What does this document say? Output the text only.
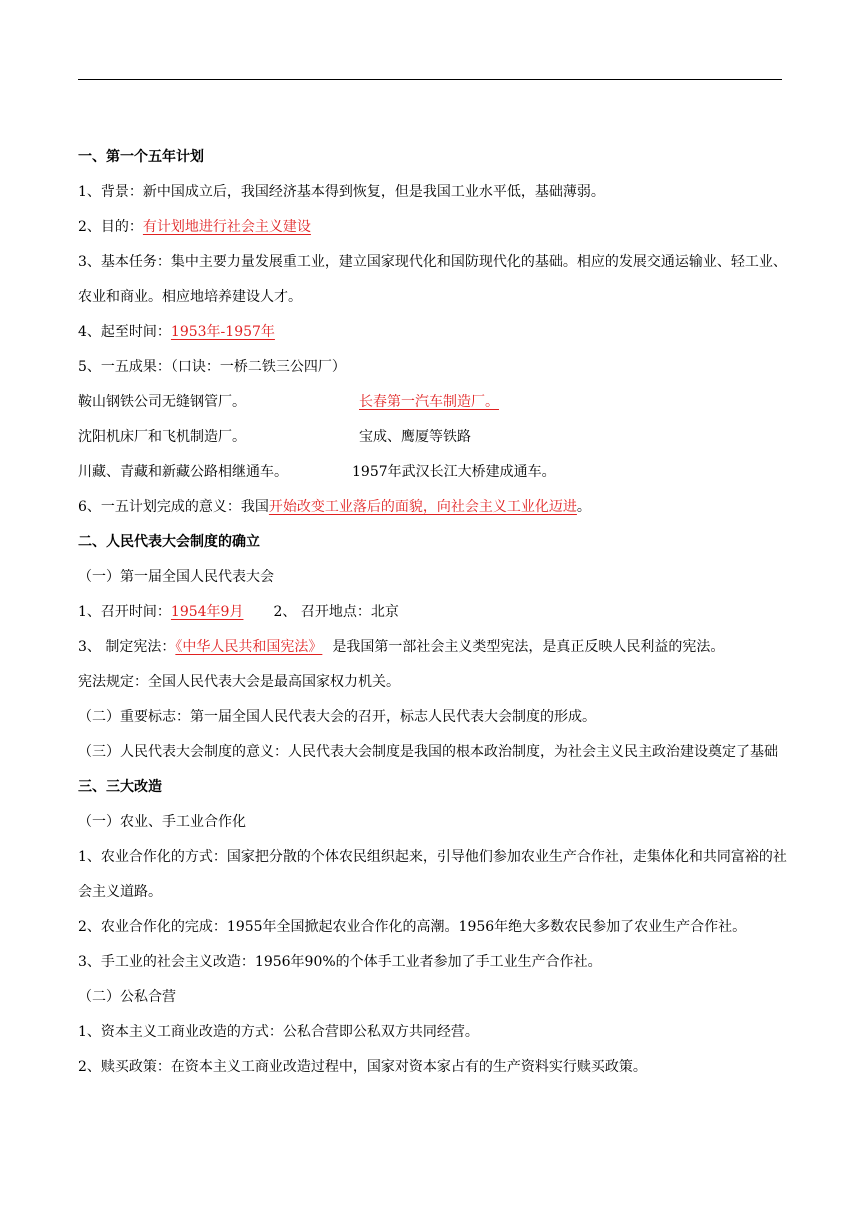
一、第一个五年计划
1、背景：新中国成立后，我国经济基本得到恢复，但是我国工业水平低，基础薄弱。
2、目的：有计划地进行社会主义建设
3、基本任务：集中主要力量发展重工业，建立国家现代化和国防现代化的基础。相应的发展交通运输业、轻工业、农业和商业。相应地培养建设人才。
4、起至时间：1953年-1957年
5、一五成果：（口诀：一桥二铁三公四厂）
鞍山钢铁公司无缝钢管厂。	长春第一汽车制造厂。
沈阳机床厂和飞机制造厂。	宝成、鹰厦等铁路
川藏、青藏和新藏公路相继通车。	1957年武汉长江大桥建成通车。
6、一五计划完成的意义：我国开始改变工业落后的面貌，向社会主义工业化迈进。
二、人民代表大会制度的确立
（一）第一届全国人民代表大会
1、召开时间：1954年9月 2、 召开地点：北京
3、 制定宪法：《中华人民共和国宪法》 是我国第一部社会主义类型宪法，是真正反映人民利益的宪法。
宪法规定：全国人民代表大会是最高国家权力机关。
（二）重要标志：第一届全国人民代表大会的召开，标志人民代表大会制度的形成。
（三）人民代表大会制度的意义：人民代表大会制度是我国的根本政治制度，为社会主义民主政治建设奠定了基础
三、三大改造
（一）农业、手工业合作化
1、农业合作化的方式：国家把分散的个体农民组织起来，引导他们参加农业生产合作社，走集体化和共同富裕的社会主义道路。
2、农业合作化的完成：1955年全国掀起农业合作化的高潮。1956年绝大多数农民参加了农业生产合作社。
3、手工业的社会主义改造：1956年90%的个体手工业者参加了手工业生产合作社。
（二）公私合营
1、资本主义工商业改造的方式：公私合营即公私双方共同经营。
2、赎买政策：在资本主义工商业改造过程中，国家对资本家占有的生产资料实行赎买政策。
